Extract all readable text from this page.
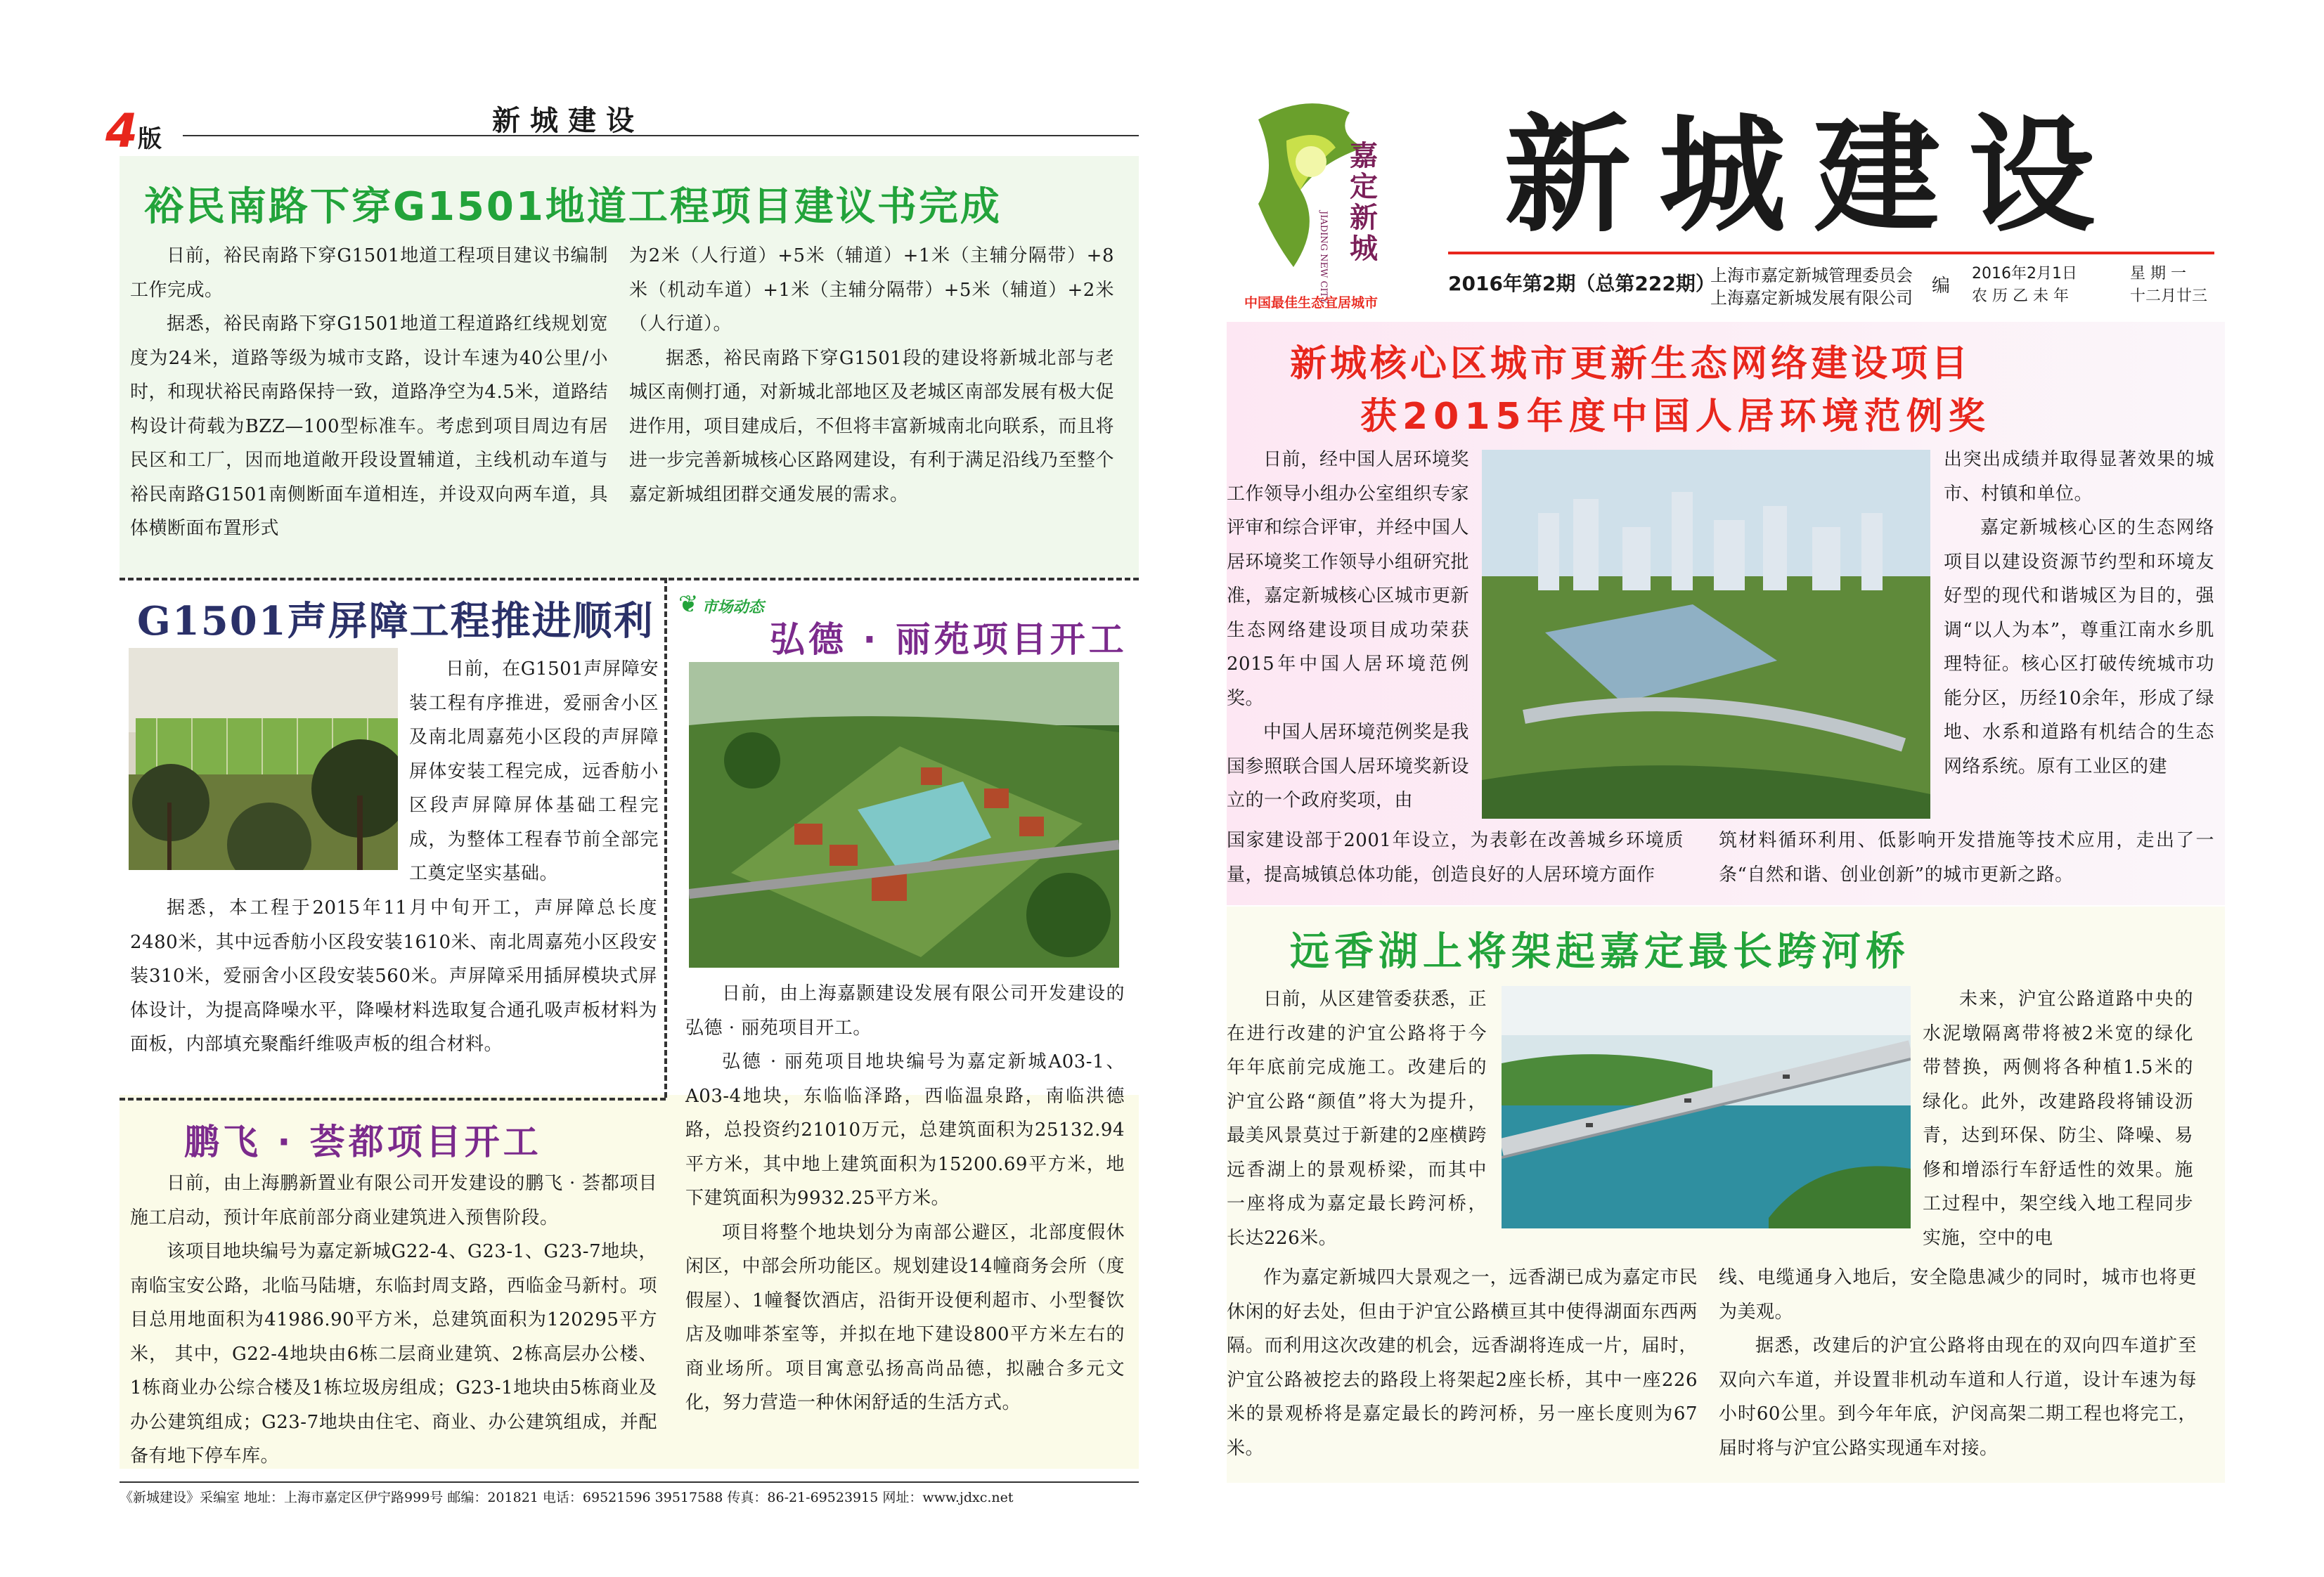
4版
新城建设
裕民南路下穿G1501地道工程项目建议书完成

日前，裕民南路下穿G1501地道工程项目建议书编制工作完成。

据悉，裕民南路下穿G1501地道工程道路红线规划宽度为24米，道路等级为城市支路，设计车速为40公里/小时，和现状裕民南路保持一致，道路净空为4.5米，道路结构设计荷载为BZZ—100型标准车。考虑到项目周边有居民区和工厂，因而地道敞开段设置辅道，主线机动车道与裕民南路G1501南侧断面车道相连，并设双向两车道，具体横断面布置形式

为2米（人行道）+5米（辅道）+1米（主辅分隔带）+8米（机动车道）+1米（主辅分隔带）+5米（辅道）+2米（人行道）。

据悉，裕民南路下穿G1501段的建设将新城北部与老城区南侧打通，对新城北部地区及老城区南部发展有极大促进作用，项目建成后，不但将丰富新城南北向联系，而且将进一步完善新城核心区路网建设，有利于满足沿线乃至整个嘉定新城组团群交通发展的需求。

G1501声屏障工程推进顺利

日前，在G1501声屏障安装工程有序推进，爱丽舍小区及南北周嘉苑小区段的声屏障屏体安装工程完成，远香舫小区段声屏障屏体基础工程完成，为整体工程春节前全部完工奠定坚实基础。

据悉，本工程于2015年11月中旬开工，声屏障总长度2480米，其中远香舫小区段安装1610米、南北周嘉苑小区段安装310米，爱丽舍小区段安装560米。声屏障采用插屏模块式屏体设计，为提高降噪水平，降噪材料选取复合通孔吸声板材料为面板，内部填充聚酯纤维吸声板的组合材料。

❦ 市场动态
弘德 · 丽苑项目开工

日前，由上海嘉颢建设发展有限公司开发建设的弘德 · 丽苑项目开工。

弘德 · 丽苑项目地块编号为嘉定新城A03-1、A03-4地块，东临临泽路，西临温泉路，南临洪德路，总投资约21010万元，总建筑面积为25132.94平方米，其中地上建筑面积为15200.69平方米，地下建筑面积为9932.25平方米。

项目将整个地块划分为南部公避区，北部度假休闲区，中部会所功能区。规划建设14幢商务会所（度假屋）、1幢餐饮酒店，沿街开设便利超市、小型餐饮店及咖啡茶室等，并拟在地下建设800平方米左右的商业场所。项目寓意弘扬高尚品德，拟融合多元文化，努力营造一种休闲舒适的生活方式。

鹏飞 · 荟都项目开工

日前，由上海鹏新置业有限公司开发建设的鹏飞 · 荟都项目施工启动，预计年底前部分商业建筑进入预售阶段。

该项目地块编号为嘉定新城G22-4、G23-1、G23-7地块，南临宝安公路，北临马陆塘，东临封周支路，西临金马新村。项目总用地面积为41986.90平方米，总建筑面积为120295平方米， 其中，G22-4地块由6栋二层商业建筑、2栋高层办公楼、1栋商业办公综合楼及1栋垃圾房组成；G23-1地块由5栋商业及办公建筑组成；G23-7地块由住宅、商业、办公建筑组成，并配备有地下停车库。

《新城建设》采编室 地址：上海市嘉定区伊宁路999号 邮编：201821 电话：69521596 39517588 传真：86-21-69523915 网址：www.jdxc.net
嘉定新城
JIADING NEW CITY
中国最佳生态宜居城市
新城建设
2016年第2期（总第222期）
上海市嘉定新城管理委员会
上海嘉定新城发展有限公司
编
2016年2月1日	星 期 一
农 历 乙 未 年	十二月廿三
新城核心区城市更新生态网络建设项目
获2015年度中国人居环境范例奖

日前，经中国人居环境奖工作领导小组办公室组织专家评审和综合评审，并经中国人居环境奖工作领导小组研究批准，嘉定新城核心区城市更新生态网络建设项目成功荣获2015年中国人居环境范例奖。

中国人居环境范例奖是我国参照联合国人居环境奖新设立的一个政府奖项，由

国家建设部于2001年设立，为表彰在改善城乡环境质量，提高城镇总体功能，创造良好的人居环境方面作

出突出成绩并取得显著效果的城市、村镇和单位。

嘉定新城核心区的生态网络项目以建设资源节约型和环境友好型的现代和谐城区为目的，强调“以人为本”，尊重江南水乡肌理特征。核心区打破传统城市功能分区，历经10余年，形成了绿地、水系和道路有机结合的生态网络系统。原有工业区的建

筑材料循环利用、低影响开发措施等技术应用，走出了一条“自然和谐、创业创新”的城市更新之路。

远香湖上将架起嘉定最长跨河桥

日前，从区建管委获悉，正在进行改建的沪宜公路将于今年年底前完成施工。改建后的沪宜公路“颜值”将大为提升，最美风景莫过于新建的2座横跨远香湖上的景观桥梁，而其中一座将成为嘉定最长跨河桥，长达226米。

作为嘉定新城四大景观之一，远香湖已成为嘉定市民休闲的好去处，但由于沪宜公路横亘其中使得湖面东西两隔。而利用这次改建的机会，远香湖将连成一片，届时，沪宜公路被挖去的路段上将架起2座长桥，其中一座226米的景观桥将是嘉定最长的跨河桥，另一座长度则为67米。

未来，沪宜公路道路中央的水泥墩隔离带将被2米宽的绿化带替换，两侧将各种植1.5米的绿化。此外，改建路段将铺设沥青，达到环保、防尘、降噪、易修和增添行车舒适性的效果。施工过程中，架空线入地工程同步实施，空中的电

线、电缆通身入地后，安全隐患减少的同时，城市也将更为美观。

据悉，改建后的沪宜公路将由现在的双向四车道扩至双向六车道，并设置非机动车道和人行道，设计车速为每小时60公里。到今年年底，沪闵高架二期工程也将完工，届时将与沪宜公路实现通车对接。
